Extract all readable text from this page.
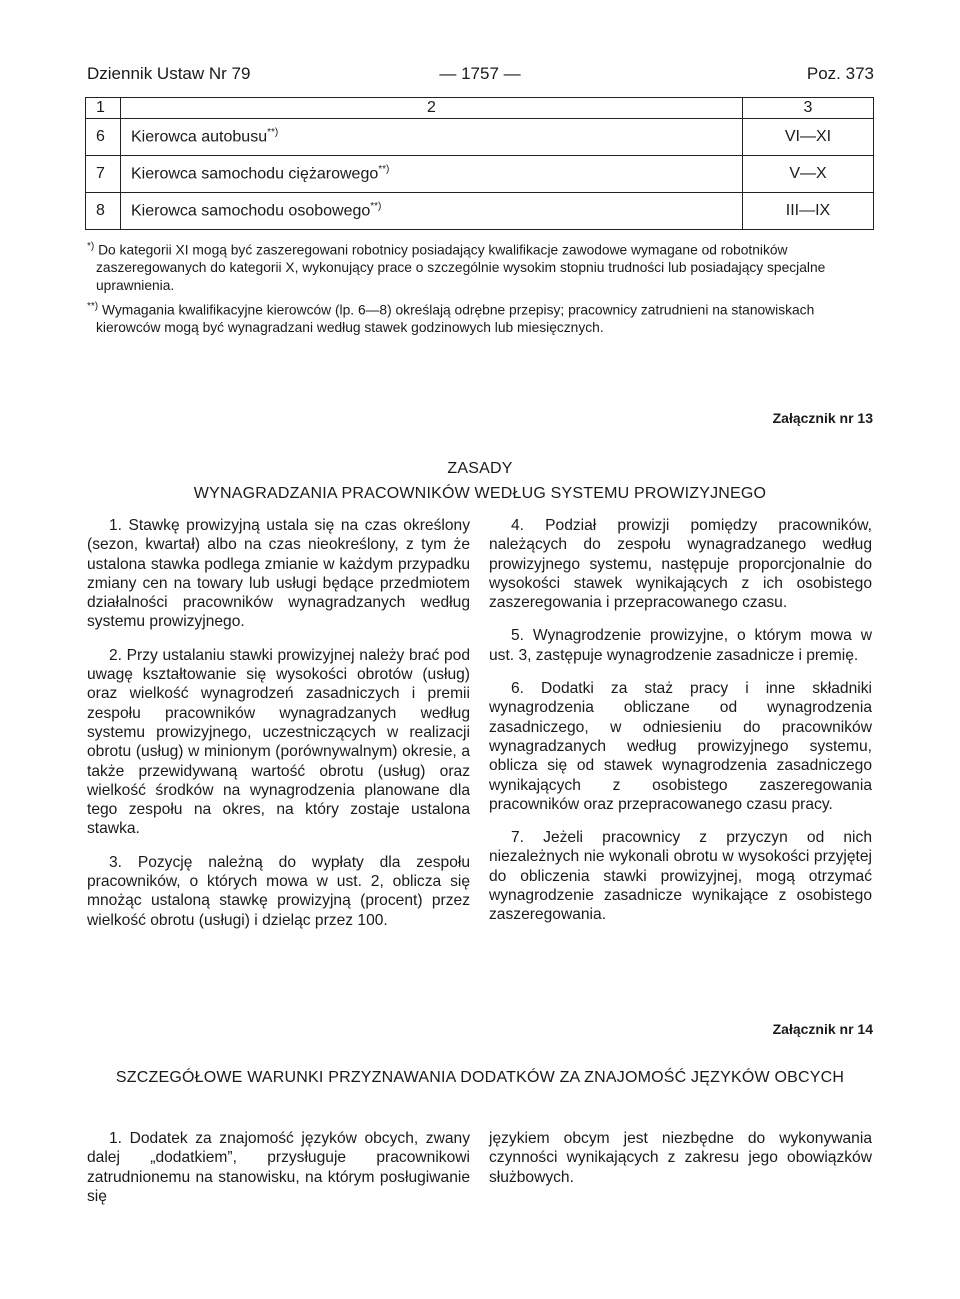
Dziennik Ustaw Nr 79	— 1757 —	Poz. 373
1	2	3
6	Kierowca autobusu**)	VI—XI
7	Kierowca samochodu ciężarowego**)	V—X
8	Kierowca samochodu osobowego**)	III—IX

*) Do kategorii XI mogą być zaszeregowani robotnicy posiadający kwalifikacje zawodowe wymagane od robotników zaszeregowanych do kategorii X, wykonujący prace o szczególnie wysokim stopniu trudności lub posiadający specjalne uprawnienia.

**) Wymagania kwalifikacyjne kierowców (lp. 6—8) określają odrębne przepisy; pracownicy zatrudnieni na stanowiskach kierowców mogą być wynagradzani według stawek godzinowych lub miesięcznych.

Załącznik nr 13
ZASADY
WYNAGRADZANIA PRACOWNIKÓW WEDŁUG SYSTEMU PROWIZYJNEGO

1. Stawkę prowizyjną ustala się na czas określony (sezon, kwartał) albo na czas nieokreślony, z tym że ustalona stawka podlega zmianie w każdym przypadku zmiany cen na towary lub usługi będące przedmiotem działalności pracowników wynagradzanych według systemu prowizyjnego.

2. Przy ustalaniu stawki prowizyjnej należy brać pod uwagę kształtowanie się wysokości obrotów (usług) oraz wielkość wynagrodzeń zasadniczych i premii zespołu pracowników wynagradzanych według systemu prowizyjnego, uczestniczących w realizacji obrotu (usług) w minionym (porównywalnym) okresie, a także przewidywaną wartość obrotu (usług) oraz wielkość środków na wynagrodzenia planowane dla tego zespołu na okres, na który zostaje ustalona stawka.

3. Pozycję należną do wypłaty dla zespołu pracowników, o których mowa w ust. 2, oblicza się mnożąc ustaloną stawkę prowizyjną (procent) przez wielkość obrotu (usługi) i dzieląc przez 100.

4. Podział prowizji pomiędzy pracowników, należących do zespołu wynagradzanego według prowizyjnego systemu, następuje proporcjonalnie do wysokości stawek wynikających z ich osobistego zaszeregowania i przepracowanego czasu.

5. Wynagrodzenie prowizyjne, o którym mowa w ust. 3, zastępuje wynagrodzenie zasadnicze i premię.

6. Dodatki za staż pracy i inne składniki wynagrodzenia obliczane od wynagrodzenia zasadniczego, w odniesieniu do pracowników wynagradzanych według prowizyjnego systemu, oblicza się od stawek wynagrodzenia zasadniczego wynikających z osobistego zaszeregowania pracowników oraz przepracowanego czasu pracy.

7. Jeżeli pracownicy z przyczyn od nich niezależnych nie wykonali obrotu w wysokości przyjętej do obliczenia stawki prowizyjnej, mogą otrzymać wynagrodzenie zasadnicze wynikające z osobistego zaszeregowania.

Załącznik nr 14
SZCZEGÓŁOWE WARUNKI PRZYZNAWANIA DODATKÓW ZA ZNAJOMOŚĆ JĘZYKÓW OBCYCH

1. Dodatek za znajomość języków obcych, zwany dalej „dodatkiem”, przysługuje pracownikowi zatrudnionemu na stanowisku, na którym posługiwanie się

językiem obcym jest niezbędne do wykonywania czynności wynikających z zakresu jego obowiązków służbowych.
